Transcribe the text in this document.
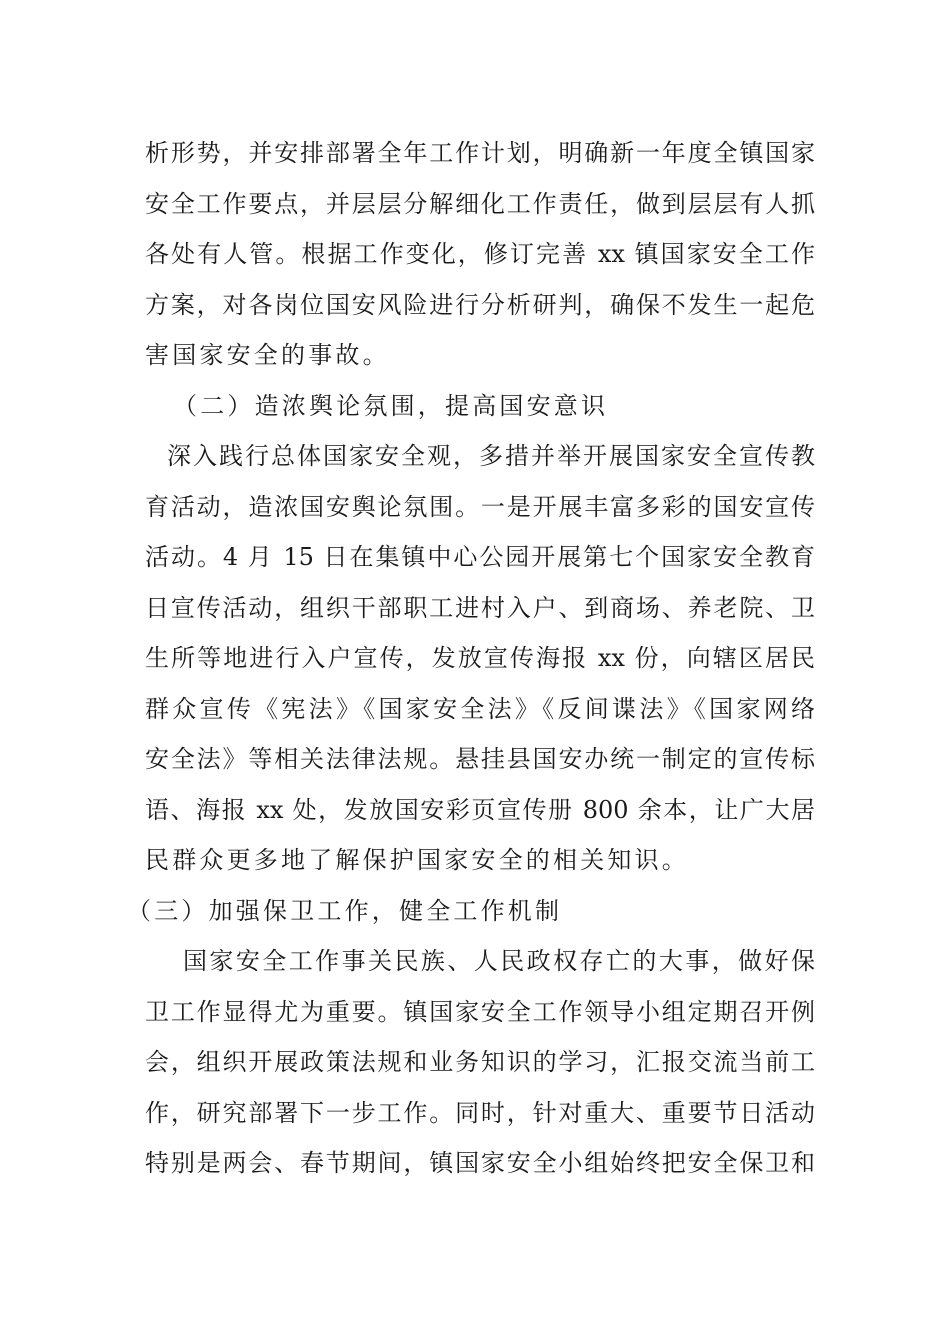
析形势，并安排部署全年工作计划，明确新一年度全镇国家
安全工作要点，并层层分解细化工作责任，做到层层有人抓
各处有人管。根据工作变化，修订完善 xx 镇国家安全工作
方案，对各岗位国安风险进行分析研判，确保不发生一起危
害国家安全的事故。
（二）造浓舆论氛围，提高国安意识
深入践行总体国家安全观，多措并举开展国家安全宣传教
育活动，造浓国安舆论氛围。一是开展丰富多彩的国安宣传
活动。4 月 15 日在集镇中心公园开展第七个国家安全教育
日宣传活动，组织干部职工进村入户、到商场、养老院、卫
生所等地进行入户宣传，发放宣传海报 xx 份，向辖区居民
群众宣传《宪法》《国家安全法》《反间谍法》《国家网络
安全法》等相关法律法规。悬挂县国安办统一制定的宣传标
语、海报 xx 处，发放国安彩页宣传册 800 余本，让广大居
民群众更多地了解保护国家安全的相关知识。
（三）加强保卫工作，健全工作机制
国家安全工作事关民族、人民政权存亡的大事，做好保
卫工作显得尤为重要。镇国家安全工作领导小组定期召开例
会，组织开展政策法规和业务知识的学习，汇报交流当前工
作，研究部署下一步工作。同时，针对重大、重要节日活动
特别是两会、春节期间，镇国家安全小组始终把安全保卫和
